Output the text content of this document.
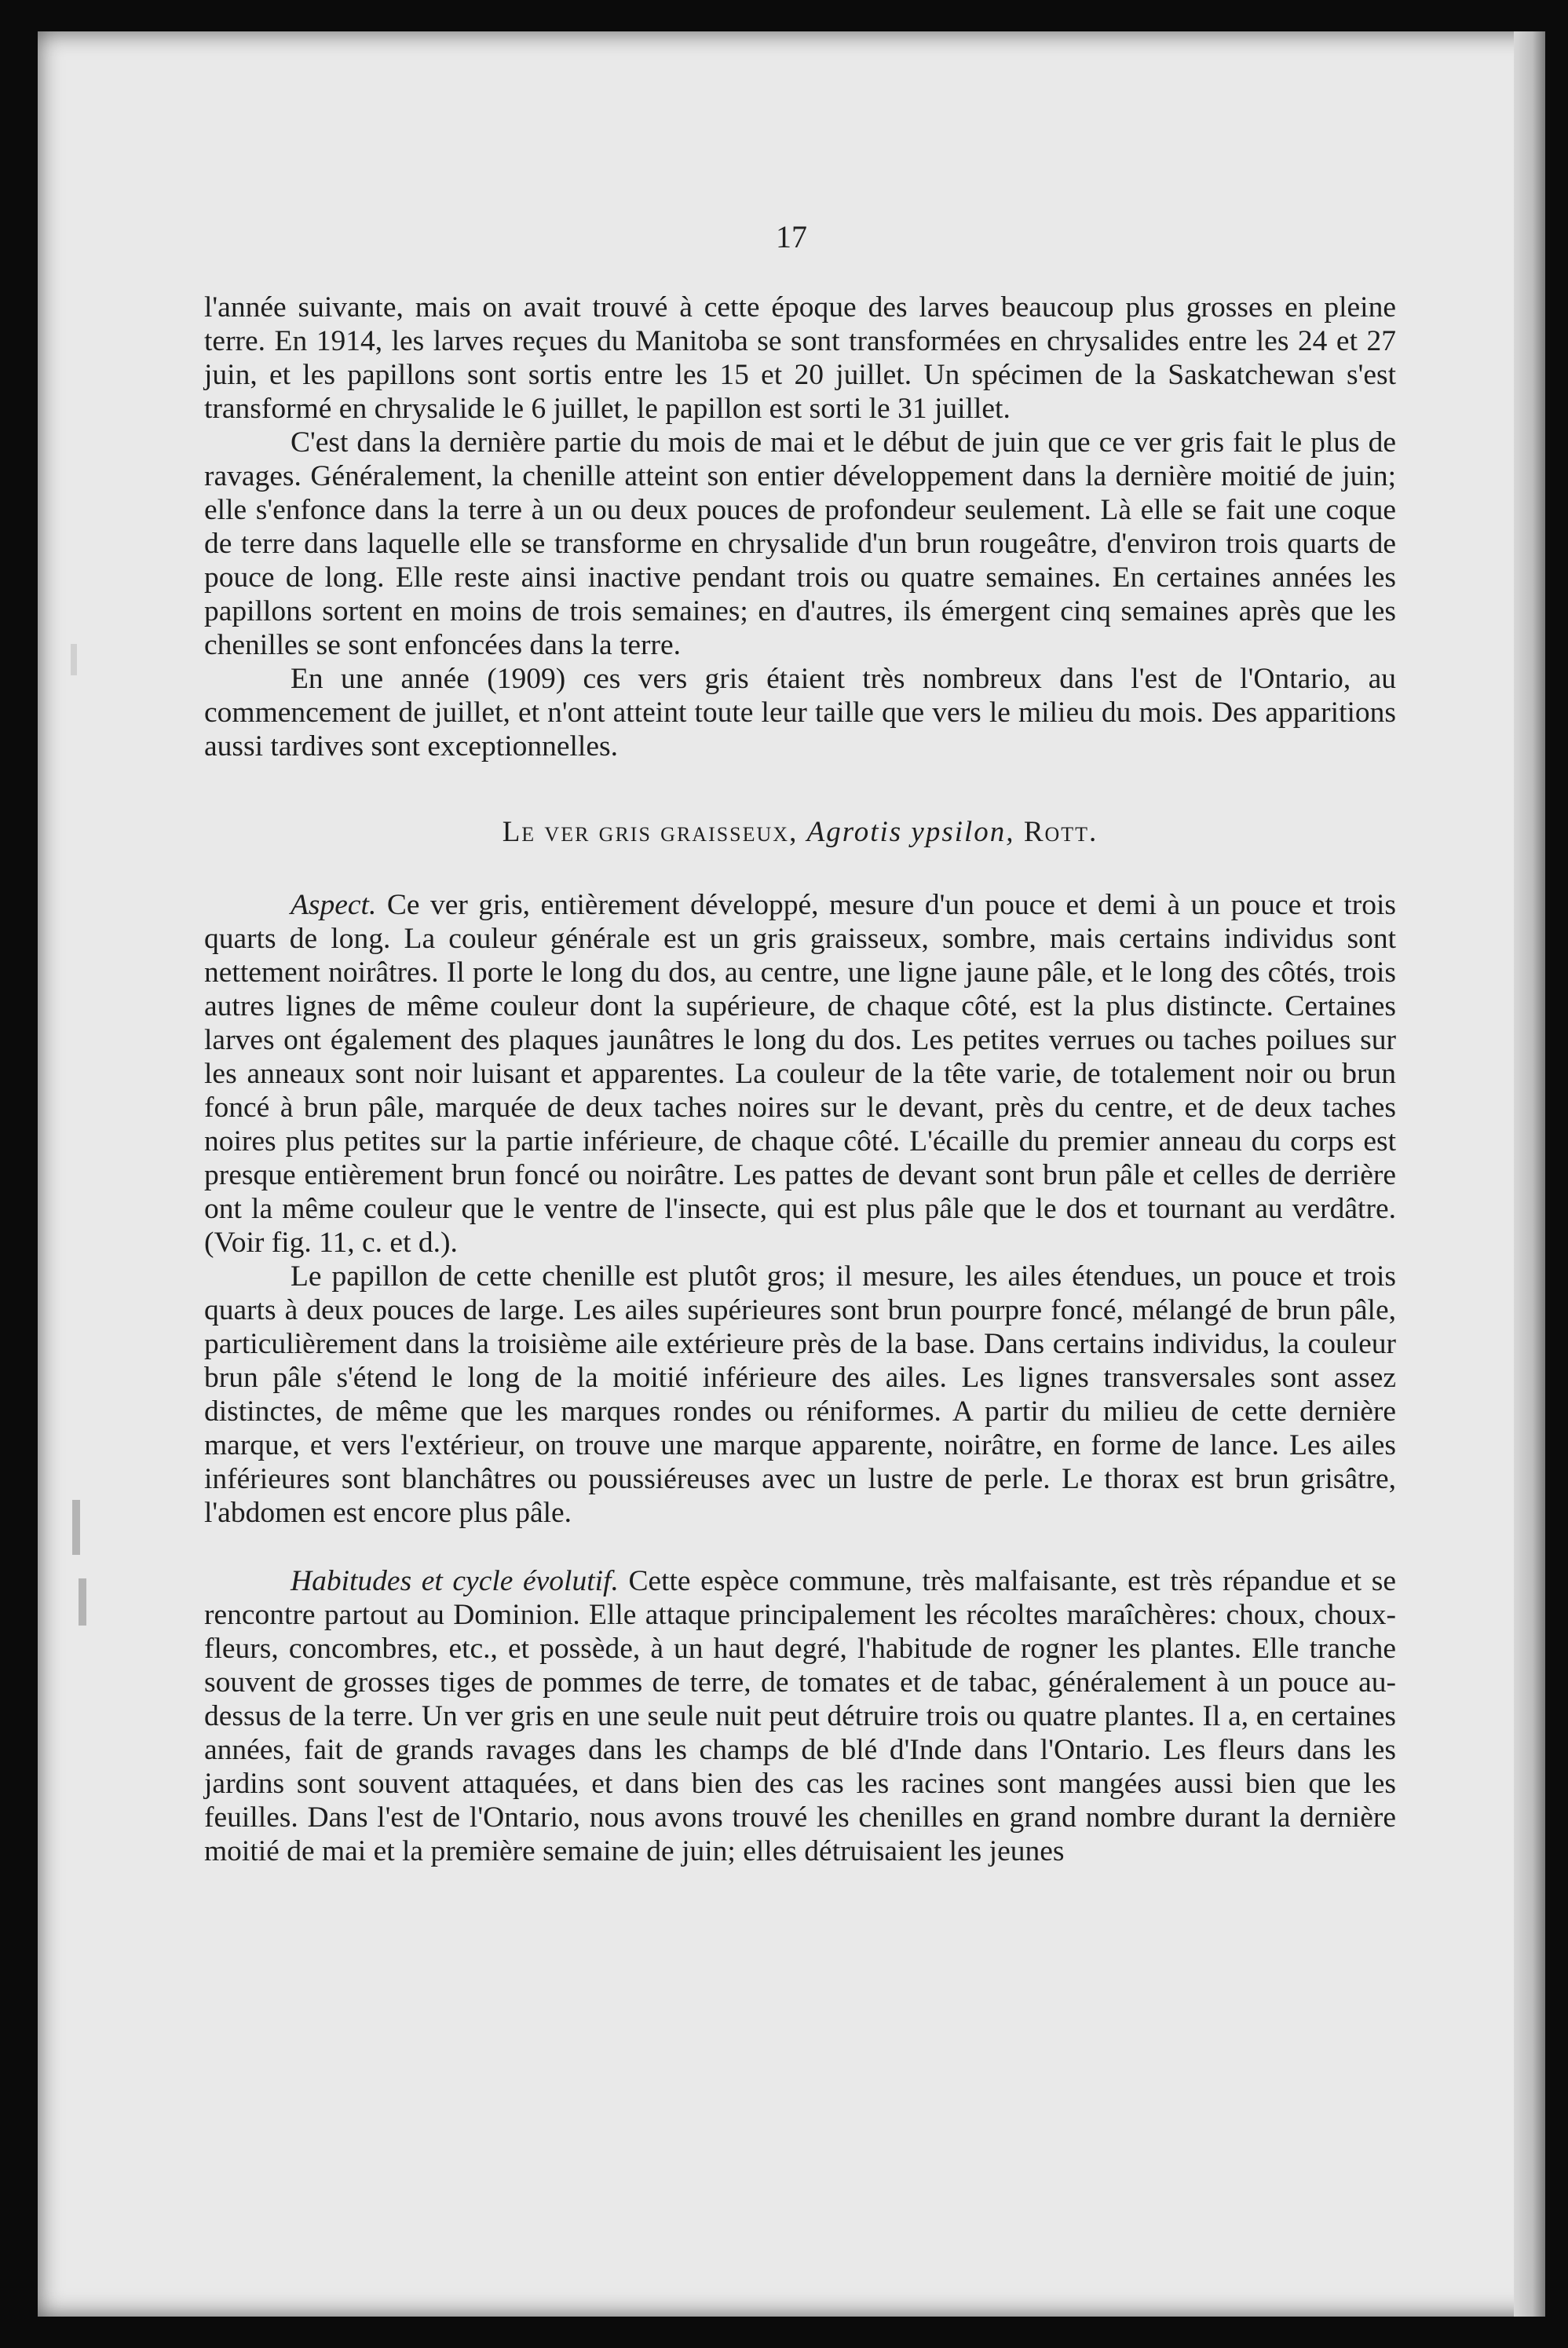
17

l'année suivante, mais on avait trouvé à cette époque des larves beaucoup plus grosses en pleine terre. En 1914, les larves reçues du Manitoba se sont transformées en chrysalides entre les 24 et 27 juin, et les papillons sont sortis entre les 15 et 20 juillet. Un spécimen de la Saskatchewan s'est transformé en chrysalide le 6 juillet, le papillon est sorti le 31 juillet.

C'est dans la dernière partie du mois de mai et le début de juin que ce ver gris fait le plus de ravages. Généralement, la chenille atteint son entier développement dans la dernière moitié de juin; elle s'enfonce dans la terre à un ou deux pouces de profondeur seulement. Là elle se fait une coque de terre dans laquelle elle se transforme en chrysalide d'un brun rougeâtre, d'environ trois quarts de pouce de long. Elle reste ainsi inactive pendant trois ou quatre semaines. En certaines années les papillons sortent en moins de trois semaines; en d'autres, ils émergent cinq semaines après que les chenilles se sont enfoncées dans la terre.

En une année (1909) ces vers gris étaient très nombreux dans l'est de l'Ontario, au commencement de juillet, et n'ont atteint toute leur taille que vers le milieu du mois. Des apparitions aussi tardives sont exceptionnelles.

Le ver gris graisseux, Agrotis ypsilon, Rott.

Aspect. Ce ver gris, entièrement développé, mesure d'un pouce et demi à un pouce et trois quarts de long. La couleur générale est un gris graisseux, sombre, mais certains individus sont nettement noirâtres. Il porte le long du dos, au centre, une ligne jaune pâle, et le long des côtés, trois autres lignes de même couleur dont la supérieure, de chaque côté, est la plus distincte. Certaines larves ont également des plaques jaunâtres le long du dos. Les petites verrues ou taches poilues sur les anneaux sont noir luisant et apparentes. La couleur de la tête varie, de totalement noir ou brun foncé à brun pâle, marquée de deux taches noires sur le devant, près du centre, et de deux taches noires plus petites sur la partie inférieure, de chaque côté. L'écaille du premier anneau du corps est presque entièrement brun foncé ou noirâtre. Les pattes de devant sont brun pâle et celles de derrière ont la même couleur que le ventre de l'insecte, qui est plus pâle que le dos et tournant au verdâtre. (Voir fig. 11, c. et d.).

Le papillon de cette chenille est plutôt gros; il mesure, les ailes étendues, un pouce et trois quarts à deux pouces de large. Les ailes supérieures sont brun pourpre foncé, mélangé de brun pâle, particulièrement dans la troisième aile extérieure près de la base. Dans certains individus, la couleur brun pâle s'étend le long de la moitié inférieure des ailes. Les lignes transversales sont assez distinctes, de même que les marques rondes ou réniformes. A partir du milieu de cette dernière marque, et vers l'extérieur, on trouve une marque apparente, noirâtre, en forme de lance. Les ailes inférieures sont blanchâtres ou poussiéreuses avec un lustre de perle. Le thorax est brun grisâtre, l'abdomen est encore plus pâle.

Habitudes et cycle évolutif. Cette espèce commune, très malfaisante, est très répandue et se rencontre partout au Dominion. Elle attaque principalement les récoltes maraîchères: choux, choux-fleurs, concombres, etc., et possède, à un haut degré, l'habitude de rogner les plantes. Elle tranche souvent de grosses tiges de pommes de terre, de tomates et de tabac, généralement à un pouce au-dessus de la terre. Un ver gris en une seule nuit peut détruire trois ou quatre plantes. Il a, en certaines années, fait de grands ravages dans les champs de blé d'Inde dans l'Ontario. Les fleurs dans les jardins sont souvent attaquées, et dans bien des cas les racines sont mangées aussi bien que les feuilles. Dans l'est de l'Ontario, nous avons trouvé les chenilles en grand nombre durant la dernière moitié de mai et la première semaine de juin; elles détruisaient les jeunes
